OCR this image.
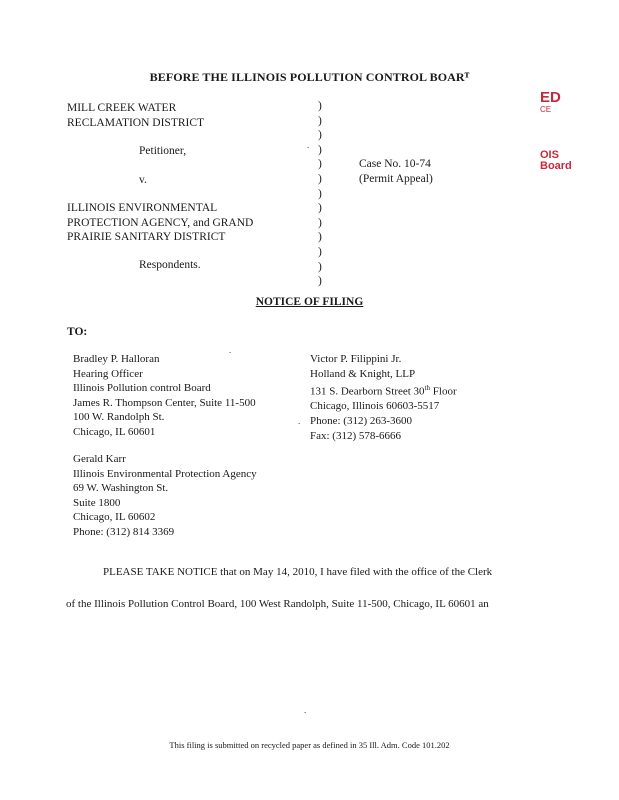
BEFORE THE ILLINOIS POLLUTION CONTROL BOARᵀ
ED
CE
OIS
Board
MILL CREEK WATER
RECLAMATION DISTRICT
Petitioner,
v.
ILLINOIS ENVIRONMENTAL
PROTECTION AGENCY, and GRAND
PRAIRIE SANITARY DISTRICT
Respondents.
.
.
.
.
)
)
)
)
)
)
)
)
)
)
)
)
)
Case No. 10-74
(Permit Appeal)
NOTICE OF FILING
TO:
Bradley P. Halloran
Hearing Officer
Illinois Pollution control Board
James R. Thompson Center, Suite 11-500
100 W. Randolph St.
Chicago, IL 60601
Victor P. Filippini Jr.
Holland & Knight, LLP
131 S. Dearborn Street 30th Floor
Chicago, Illinois 60603-5517
Phone: (312) 263-3600
Fax: (312) 578-6666
Gerald Karr
Illinois Environmental Protection Agency
69 W. Washington St.
Suite 1800
Chicago, IL 60602
Phone: (312) 814 3369
PLEASE TAKE NOTICE that on May 14, 2010, I have filed with the office of the Clerk
of the Illinois Pollution Control Board, 100 West Randolph, Suite 11-500, Chicago, IL 60601 an
This filing is submitted on recycled paper as defined in 35 Ill. Adm. Code 101.202
